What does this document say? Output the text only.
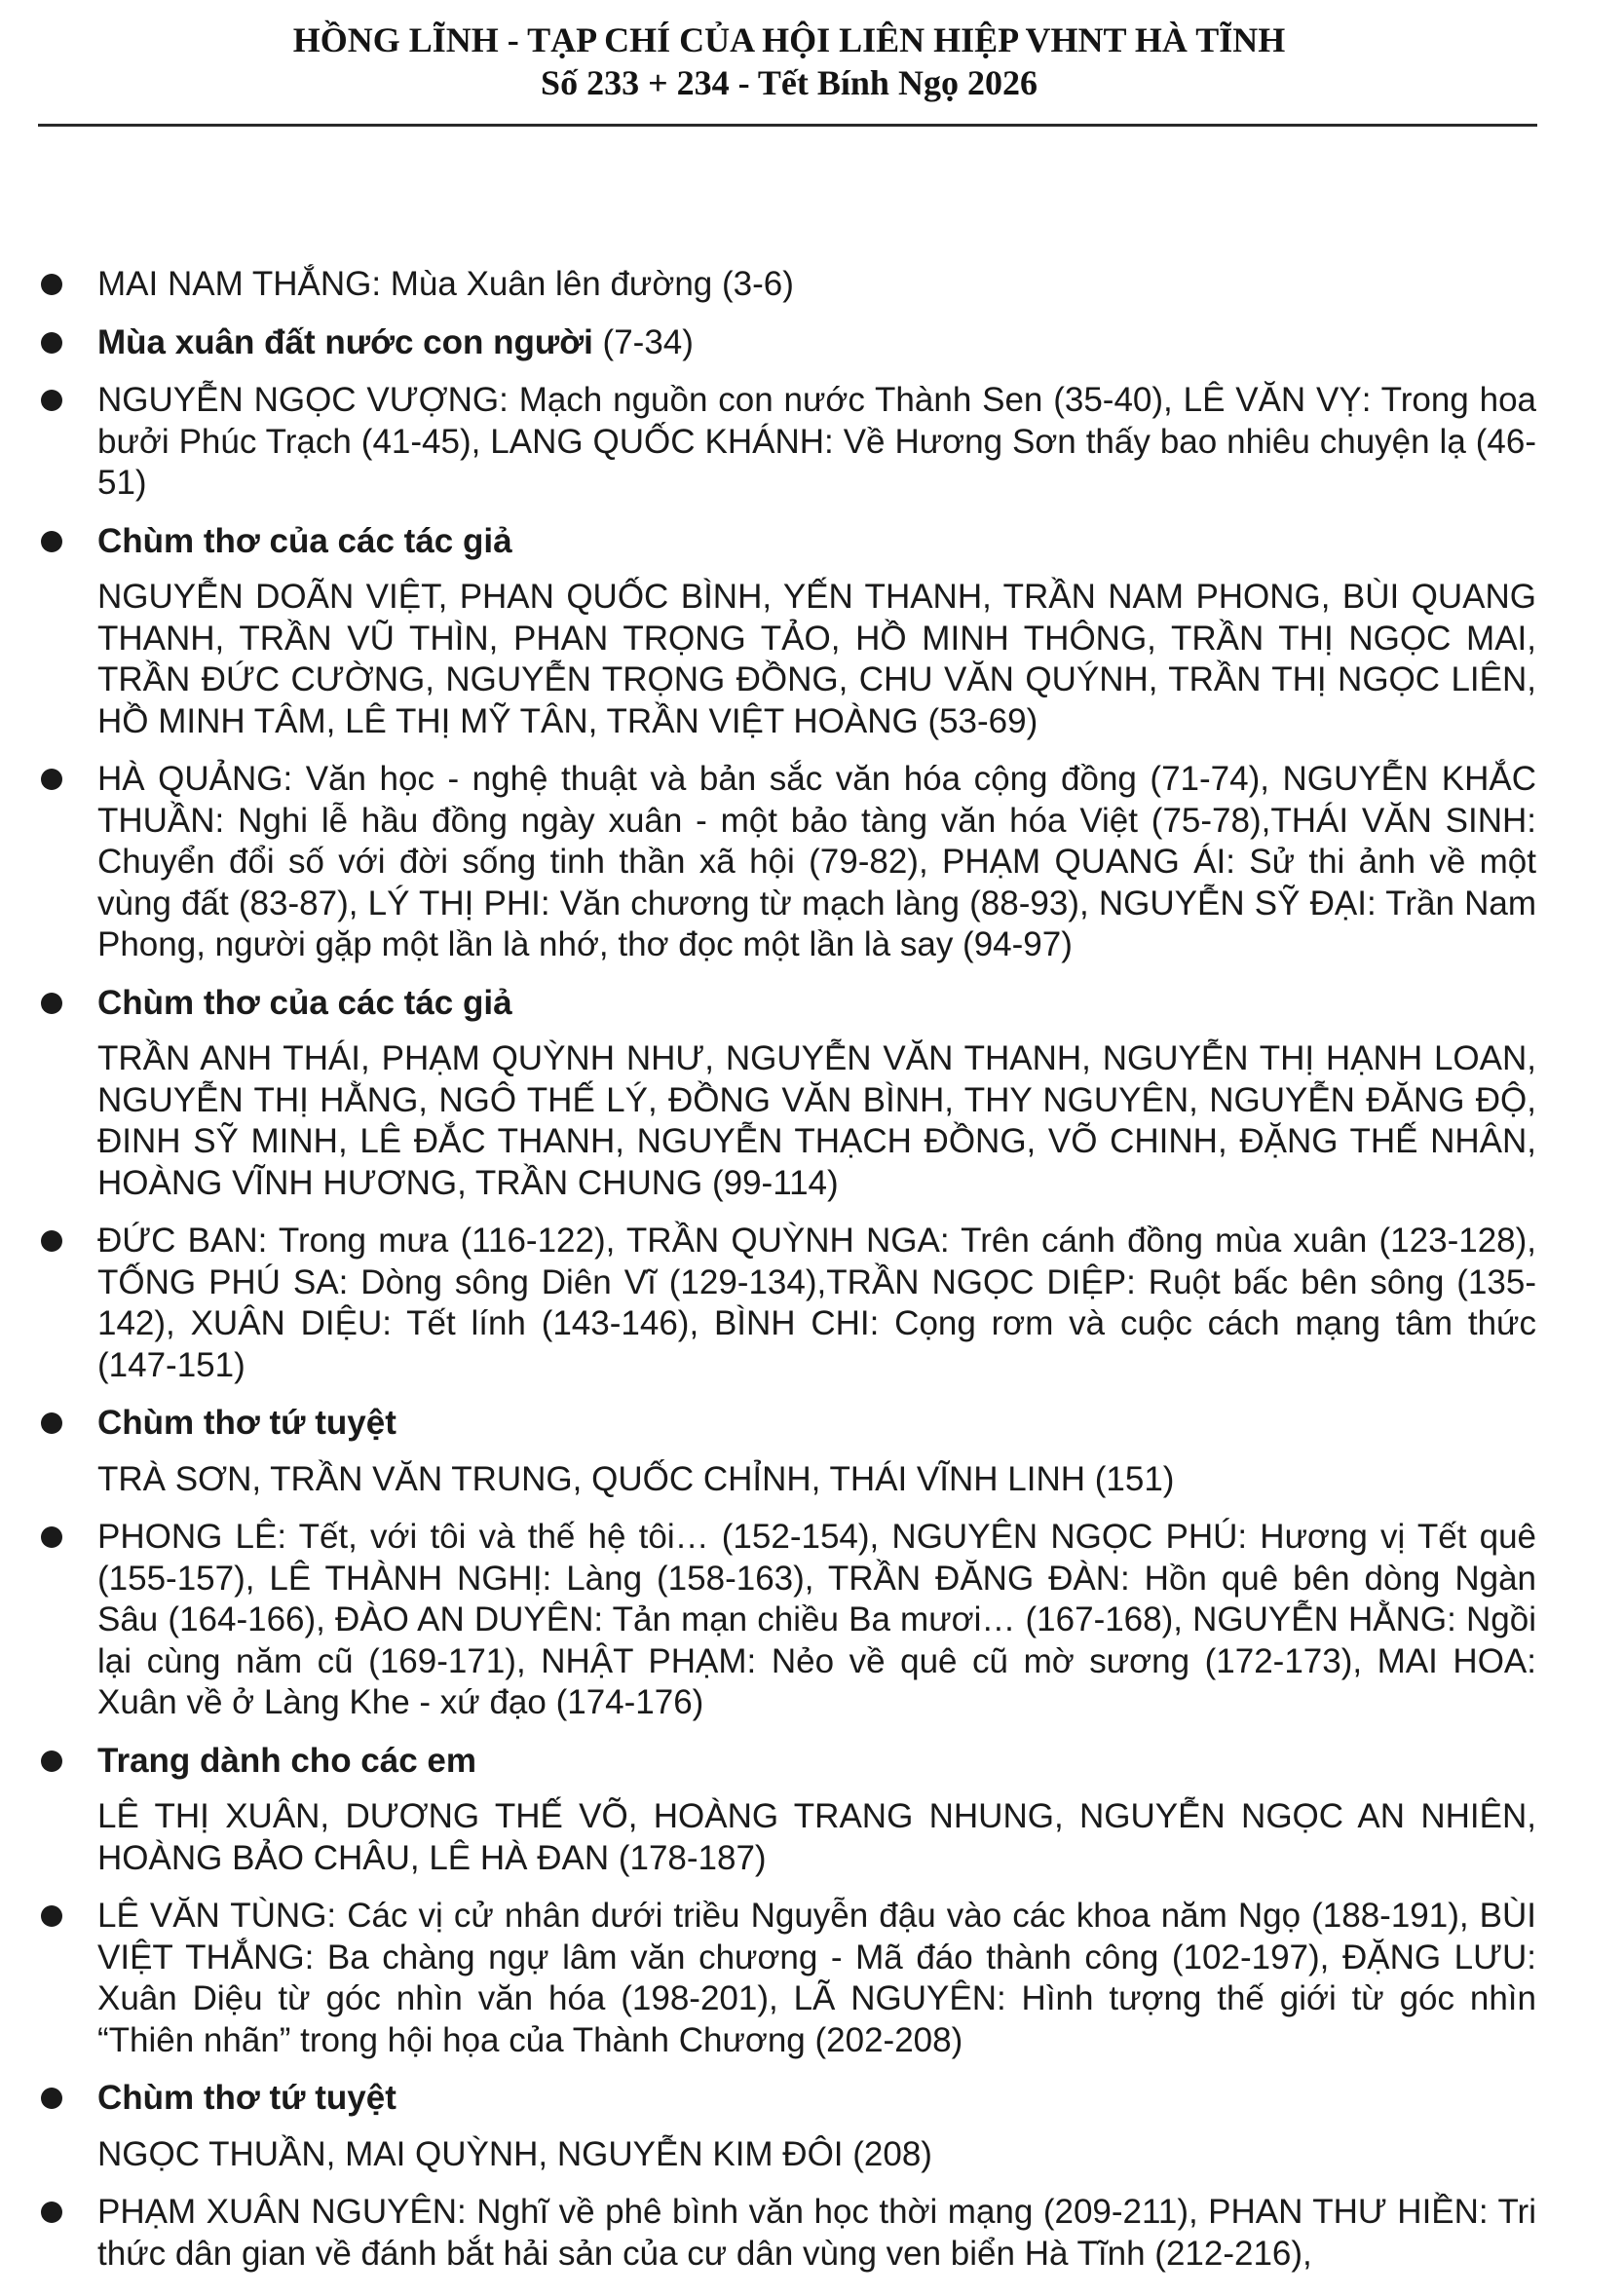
HỒNG LĨNH - TẠP CHÍ CỦA HỘI LIÊN HIỆP VHNT HÀ TĨNH
Số 233 + 234 - Tết Bính Ngọ 2026
MAI NAM THẮNG: Mùa Xuân lên đường (3-6)
Mùa xuân đất nước con người (7-34)
NGUYỄN NGỌC VƯỢNG: Mạch nguồn con nước Thành Sen (35-40), LÊ VĂN VỴ: Trong hoa bưởi Phúc Trạch (41-45), LANG QUỐC KHÁNH: Về Hương Sơn thấy bao nhiêu chuyện lạ (46-51)
Chùm thơ của các tác giả
NGUYỄN DOÃN VIỆT, PHAN QUỐC BÌNH, YẾN THANH, TRẦN NAM PHONG, BÙI QUANG THANH, TRẦN VŨ THÌN, PHAN TRỌNG TẢO, HỒ MINH THÔNG, TRẦN THỊ NGỌC MAI, TRẦN ĐỨC CƯỜNG, NGUYỄN TRỌNG ĐỒNG, CHU VĂN QUÝNH, TRẦN THỊ NGỌC LIÊN, HỒ MINH TÂM, LÊ THỊ MỸ TÂN, TRẦN VIỆT HOÀNG (53-69)
HÀ QUẢNG: Văn học - nghệ thuật và bản sắc văn hóa cộng đồng (71-74), NGUYỄN KHẮC THUẦN: Nghi lễ hầu đồng ngày xuân - một bảo tàng văn hóa Việt (75-78),THÁI VĂN SINH: Chuyển đổi số với đời sống tinh thần xã hội (79-82), PHẠM QUANG ÁI: Sử thi ảnh về một vùng đất (83-87), LÝ THỊ PHI: Văn chương từ mạch làng (88-93), NGUYỄN SỸ ĐẠI: Trần Nam Phong, người gặp một lần là nhớ, thơ đọc một lần là say (94-97)
Chùm thơ của các tác giả
TRẦN ANH THÁI, PHẠM QUỲNH NHƯ, NGUYỄN VĂN THANH, NGUYỄN THỊ HẠNH LOAN, NGUYỄN THỊ HẰNG, NGÔ THẾ LÝ, ĐỒNG VĂN BÌNH, THY NGUYÊN, NGUYỄN ĐĂNG ĐỘ, ĐINH SỸ MINH, LÊ ĐẮC THANH, NGUYỄN THẠCH ĐỒNG, VÕ CHINH, ĐẶNG THẾ NHÂN, HOÀNG VĨNH HƯƠNG, TRẦN CHUNG (99-114)
ĐỨC BAN: Trong mưa (116-122), TRẦN QUỲNH NGA: Trên cánh đồng mùa xuân (123-128), TỐNG PHÚ SA: Dòng sông Diên Vĩ (129-134),TRẦN NGỌC DIỆP: Ruột bấc bên sông (135-142), XUÂN DIỆU: Tết lính (143-146), BÌNH CHI: Cọng rơm và cuộc cách mạng tâm thức (147-151)
Chùm thơ tứ tuyệt
TRÀ SƠN, TRẦN VĂN TRUNG, QUỐC CHỈNH, THÁI VĨNH LINH (151)
PHONG LÊ: Tết, với tôi và thế hệ tôi… (152-154), NGUYÊN NGỌC PHÚ: Hương vị Tết quê (155-157), LÊ THÀNH NGHỊ: Làng (158-163), TRẦN ĐĂNG ĐÀN: Hồn quê bên dòng Ngàn Sâu (164-166), ĐÀO AN DUYÊN: Tản mạn chiều Ba mươi… (167-168), NGUYỄN HẰNG: Ngồi lại cùng năm cũ (169-171), NHẬT PHẠM: Nẻo về quê cũ mờ sương (172-173), MAI HOA: Xuân về ở Làng Khe - xứ đạo (174-176)
Trang dành cho các em
LÊ THỊ XUÂN, DƯƠNG THẾ VÕ, HOÀNG TRANG NHUNG, NGUYỄN NGỌC AN NHIÊN, HOÀNG BẢO CHÂU, LÊ HÀ ĐAN (178-187)
LÊ VĂN TÙNG: Các vị cử nhân dưới triều Nguyễn đậu vào các khoa năm Ngọ (188-191), BÙI VIỆT THẮNG: Ba chàng ngự lâm văn chương - Mã đáo thành công (102-197), ĐẶNG LƯU: Xuân Diệu từ góc nhìn văn hóa (198-201), LÃ NGUYÊN: Hình tượng thế giới từ góc nhìn “Thiên nhãn” trong hội họa của Thành Chương (202-208)
Chùm thơ tứ tuyệt
NGỌC THUẦN, MAI QUỲNH, NGUYỄN KIM ĐÔI (208)
PHẠM XUÂN NGUYÊN: Nghĩ về phê bình văn học thời mạng (209-211), PHAN THƯ HIỀN: Tri thức dân gian về đánh bắt hải sản của cư dân vùng ven biển Hà Tĩnh (212-216),
